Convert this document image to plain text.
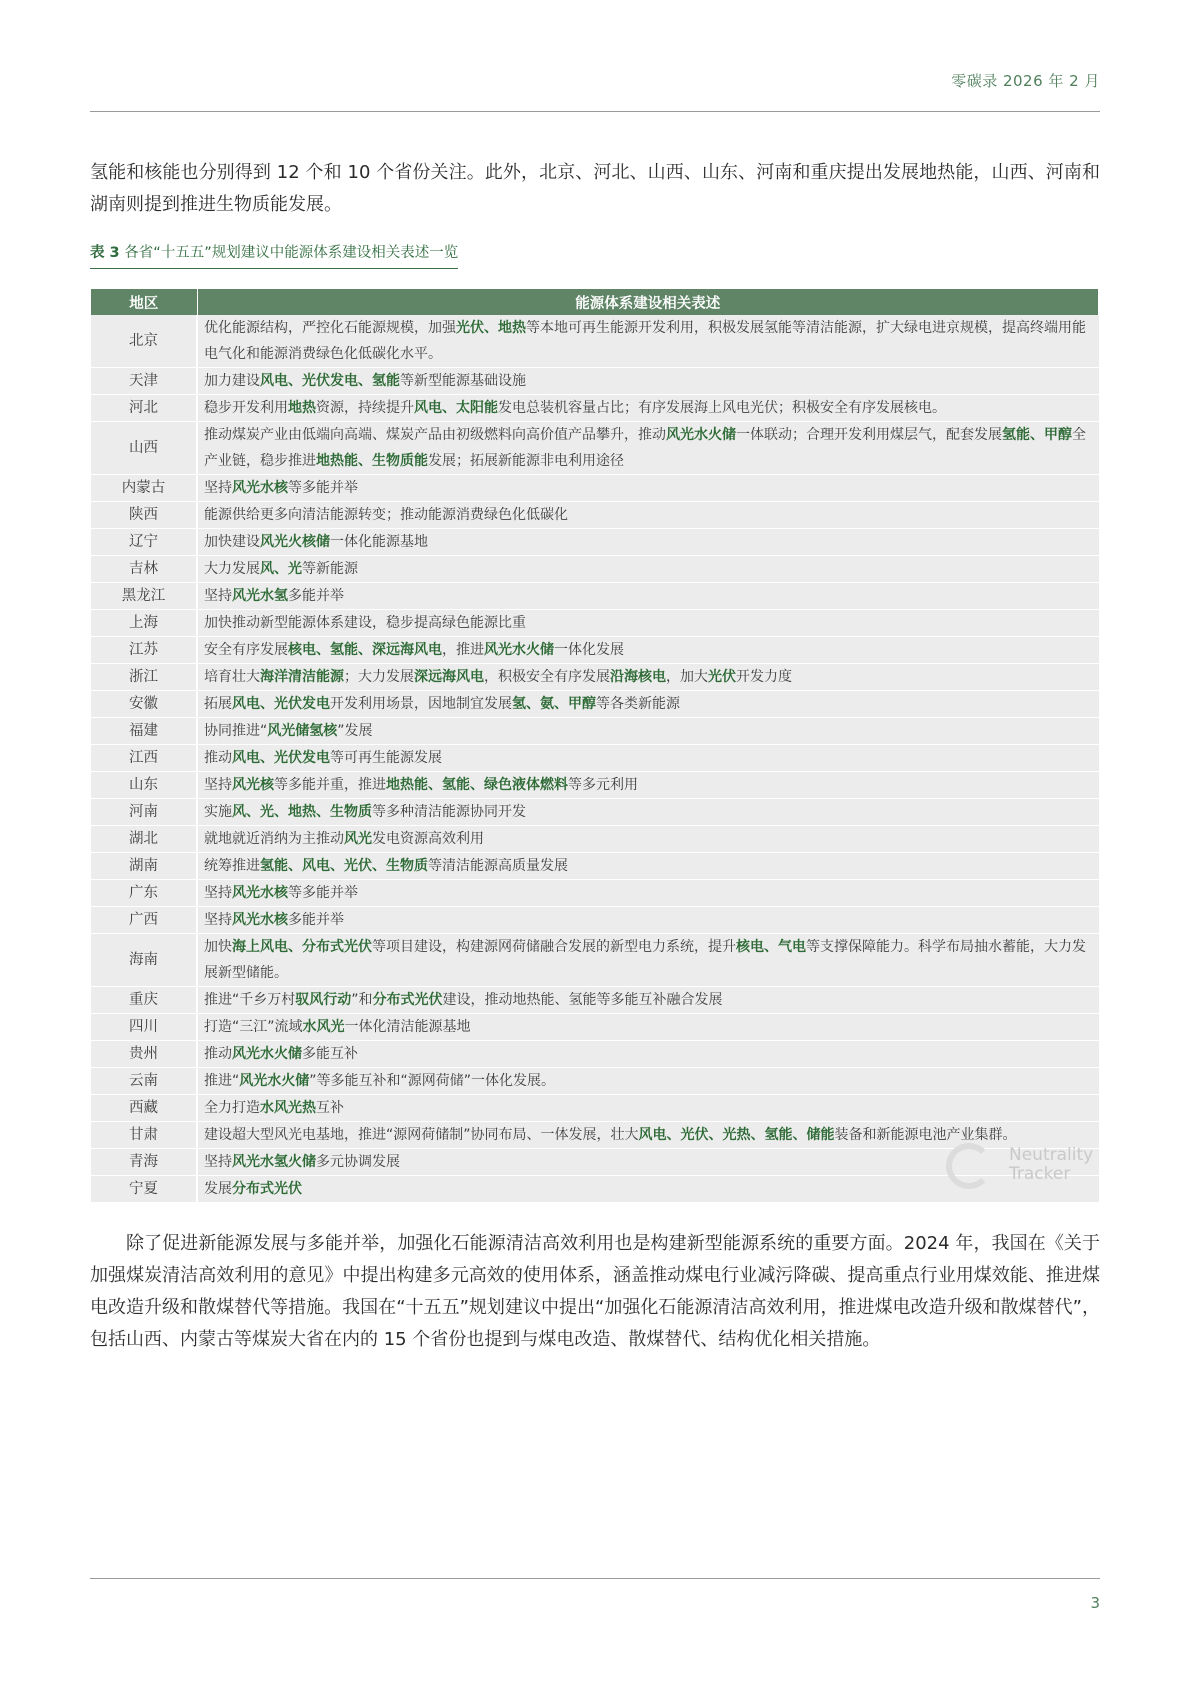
零碳录 2026 年 2 月

氢能和核能也分别得到 12 个和 10 个省份关注。此外，北京、河北、山西、山东、河南和重庆提出发展地热能，山西、河南和湖南则提到推进生物质能发展。

表 3 各省“十五五”规划建议中能源体系建设相关表述一览
地区	能源体系建设相关表述
北京	优化能源结构，严控化石能源规模，加强光伏、地热等本地可再生能源开发利用，积极发展氢能等清洁能源，扩大绿电进京规模，提高终端用能电气化和能源消费绿色化低碳化水平。
天津	加力建设风电、光伏发电、氢能等新型能源基础设施
河北	稳步开发利用地热资源，持续提升风电、太阳能发电总装机容量占比；有序发展海上风电光伏；积极安全有序发展核电。
山西	推动煤炭产业由低端向高端、煤炭产品由初级燃料向高价值产品攀升，推动风光水火储一体联动；合理开发利用煤层气，配套发展氢能、甲醇全产业链，稳步推进地热能、生物质能发展；拓展新能源非电利用途径
内蒙古	坚持风光水核等多能并举
陕西	能源供给更多向清洁能源转变；推动能源消费绿色化低碳化
辽宁	加快建设风光火核储一体化能源基地
吉林	大力发展风、光等新能源
黑龙江	坚持风光水氢多能并举
上海	加快推动新型能源体系建设，稳步提高绿色能源比重
江苏	安全有序发展核电、氢能、深远海风电，推进风光水火储一体化发展
浙江	培育壮大海洋清洁能源；大力发展深远海风电，积极安全有序发展沿海核电，加大光伏开发力度
安徽	拓展风电、光伏发电开发利用场景，因地制宜发展氢、氨、甲醇等各类新能源
福建	协同推进“风光储氢核”发展
江西	推动风电、光伏发电等可再生能源发展
山东	坚持风光核等多能并重，推进地热能、氢能、绿色液体燃料等多元利用
河南	实施风、光、地热、生物质等多种清洁能源协同开发
湖北	就地就近消纳为主推动风光发电资源高效利用
湖南	统筹推进氢能、风电、光伏、生物质等清洁能源高质量发展
广东	坚持风光水核等多能并举
广西	坚持风光水核多能并举
海南	加快海上风电、分布式光伏等项目建设，构建源网荷储融合发展的新型电力系统，提升核电、气电等支撑保障能力。科学布局抽水蓄能，大力发展新型储能。
重庆	推进“千乡万村驭风行动”和分布式光伏建设，推动地热能、氢能等多能互补融合发展
四川	打造“三江”流域水风光一体化清洁能源基地
贵州	推动风光水火储多能互补
云南	推进“风光水火储”等多能互补和“源网荷储”一体化发展。
西藏	全力打造水风光热互补
甘肃	建设超大型风光电基地，推进“源网荷储制”协同布局、一体发展，壮大风电、光伏、光热、氢能、储能装备和新能源电池产业集群。
青海	坚持风光水氢火储多元协调发展
宁夏	发展分布式光伏
Neutrality
Tracker

除了促进新能源发展与多能并举，加强化石能源清洁高效利用也是构建新型能源系统的重要方面。2024 年，我国在《关于加强煤炭清洁高效利用的意见》中提出构建多元高效的使用体系，涵盖推动煤电行业减污降碳、提高重点行业用煤效能、推进煤电改造升级和散煤替代等措施。我国在“十五五”规划建议中提出“加强化石能源清洁高效利用，推进煤电改造升级和散煤替代”，包括山西、内蒙古等煤炭大省在内的 15 个省份也提到与煤电改造、散煤替代、结构优化相关措施。

3
